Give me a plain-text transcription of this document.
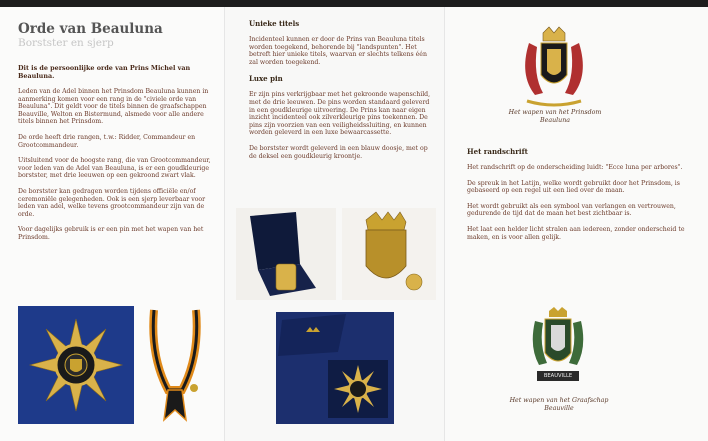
Orde van Beauluna
Borstster en sjerp

Dit is de persoonlijke orde van Prins Michel van Beauluna.

Leden van de Adel binnen het Prinsdom Beauluna kunnen in aanmerking komen voor een rang in de "civiele orde van Beauluna". Dit geldt voor de titels binnen de graafschappen Beauville, Welton en Bistermund, alsmede voor alle andere titels binnen het Prinsdom.

De orde heeft drie rangen, t.w.: Ridder, Commandeur en Grootcommandeur.

Uitsluitend voor de hoogste rang, die van Grootcommandeur, voor leden van de Adel van Beauluna, is er een goudkleurige borstster, met drie leeuwen op een gekroond zwart vlak.

De borstster kan gedragen worden tijdens officiële en/of ceremoniële gelegenheden. Ook is een sjerp leverbaar voor leden van adel, welke tevens grootcommandeur zijn van de orde.

Voor dagelijks gebruik is er een pin met het wapen van het Prinsdom.

Unieke titels

Incidenteel kunnen er door de Prins van Beauluna titels worden toegekend, behorende bij "landspunten". Het betreft hier unieke titels, waarvan er slechts telkens één zal worden toegekend.

Luxe pin

Er zijn pins verkrijgbaar met het gekroonde wapenschild, met de drie leeuwen. De pins worden standaard geleverd in een goudkleurige uitvoering. De Prins kan naar eigen inzicht incidenteel ook zilverkleurige pins toekennen. De pins zijn voorzien van een veiligheidssluiting, en kunnen worden geleverd in een luxe bewaarcassette.

De borstster wordt geleverd in een blauw doosje, met op de deksel een goudkleurig kroontje.

Het wapen van het Prinsdom Beauluna
Het randschrift

Het randschrift op de onderscheiding luidt: "Ecce luna per arbores".

De spreuk in het Latijn, welke wordt gebruikt door het Prinsdom, is gebaseerd op een regel uit een lied over de maan.

Het wordt gebruikt als een symbool van verlangen en vertrouwen, gedurende de tijd dat de maan het best zichtbaar is.

Het laat een helder licht stralen aan iedereen, zonder onderscheid te maken, en is voor allen gelijk.

BEAUVILLE
Het wapen van het Graafschap Beauville
